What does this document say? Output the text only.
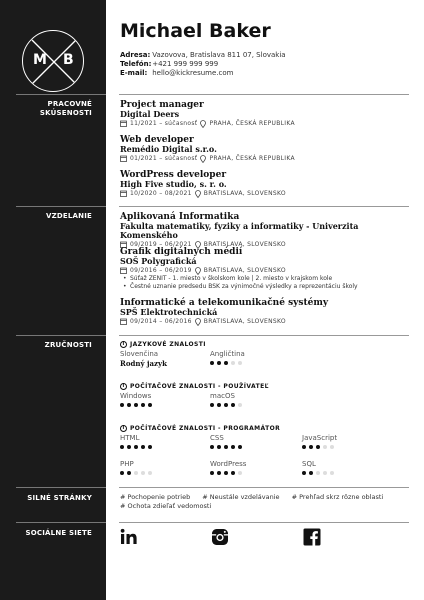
M B
PRACOVNÉ SKÚSENOSTI
VZDELANIE
ZRUČNOSTI
SILNÉ STRÁNKY
SOCIÁLNE SIETE
Michael Baker
Adresa: Vazovova, Bratislava 811 07, Slovakia
Telefón: +421 999 999 999
E-mail: hello@kickresume.com
Project manager
Digital Deers
11/2021 – súčasnosť PRAHA, ČESKÁ REPUBLIKA
Web developer
Remédio Digital s.r.o.
01/2021 – súčasnosť PRAHA, ČESKÁ REPUBLIKA
WordPress developer
High Five studio, s. r. o.
10/2020 – 08/2021 BRATISLAVA, SLOVENSKO
Aplikovaná Informatika
Fakulta matematiky, fyziky a informatiky - Univerzita Komenského
09/2019 – 06/2021 BRATISLAVA, SLOVENSKO
Grafik digitálnych médií
SOŠ Polygrafická
09/2016 – 06/2019 BRATISLAVA, SLOVENSKO
• Súťaž ZENIT - 1. miesto v školskom kole | 2. miesto v krajskom kole
• Čestné uznanie predsedu BSK za výnimočné výsledky a reprezentáciu školy
Informatické a telekomunikačné systémy
SPŠ Elektrotechnická
09/2014 – 06/2016 BRATISLAVA, SLOVENSKO
i JAZYKOVÉ ZNALOSTI
Slovenčina
Rodný jazyk
Angličtina
i POČÍTAČOVÉ ZNALOSTI - POUŽÍVATEĽ
Windows	macOS
i POČÍTAČOVÉ ZNALOSTI - PROGRAMÁTOR
HTML	CSS	JavaScript
PHP	WordPress	SQL
# Pochopenie potrieb # Neustále vzdelávanie # Prehľad skrz rôzne oblasti # Ochota zdieľať vedomosti
